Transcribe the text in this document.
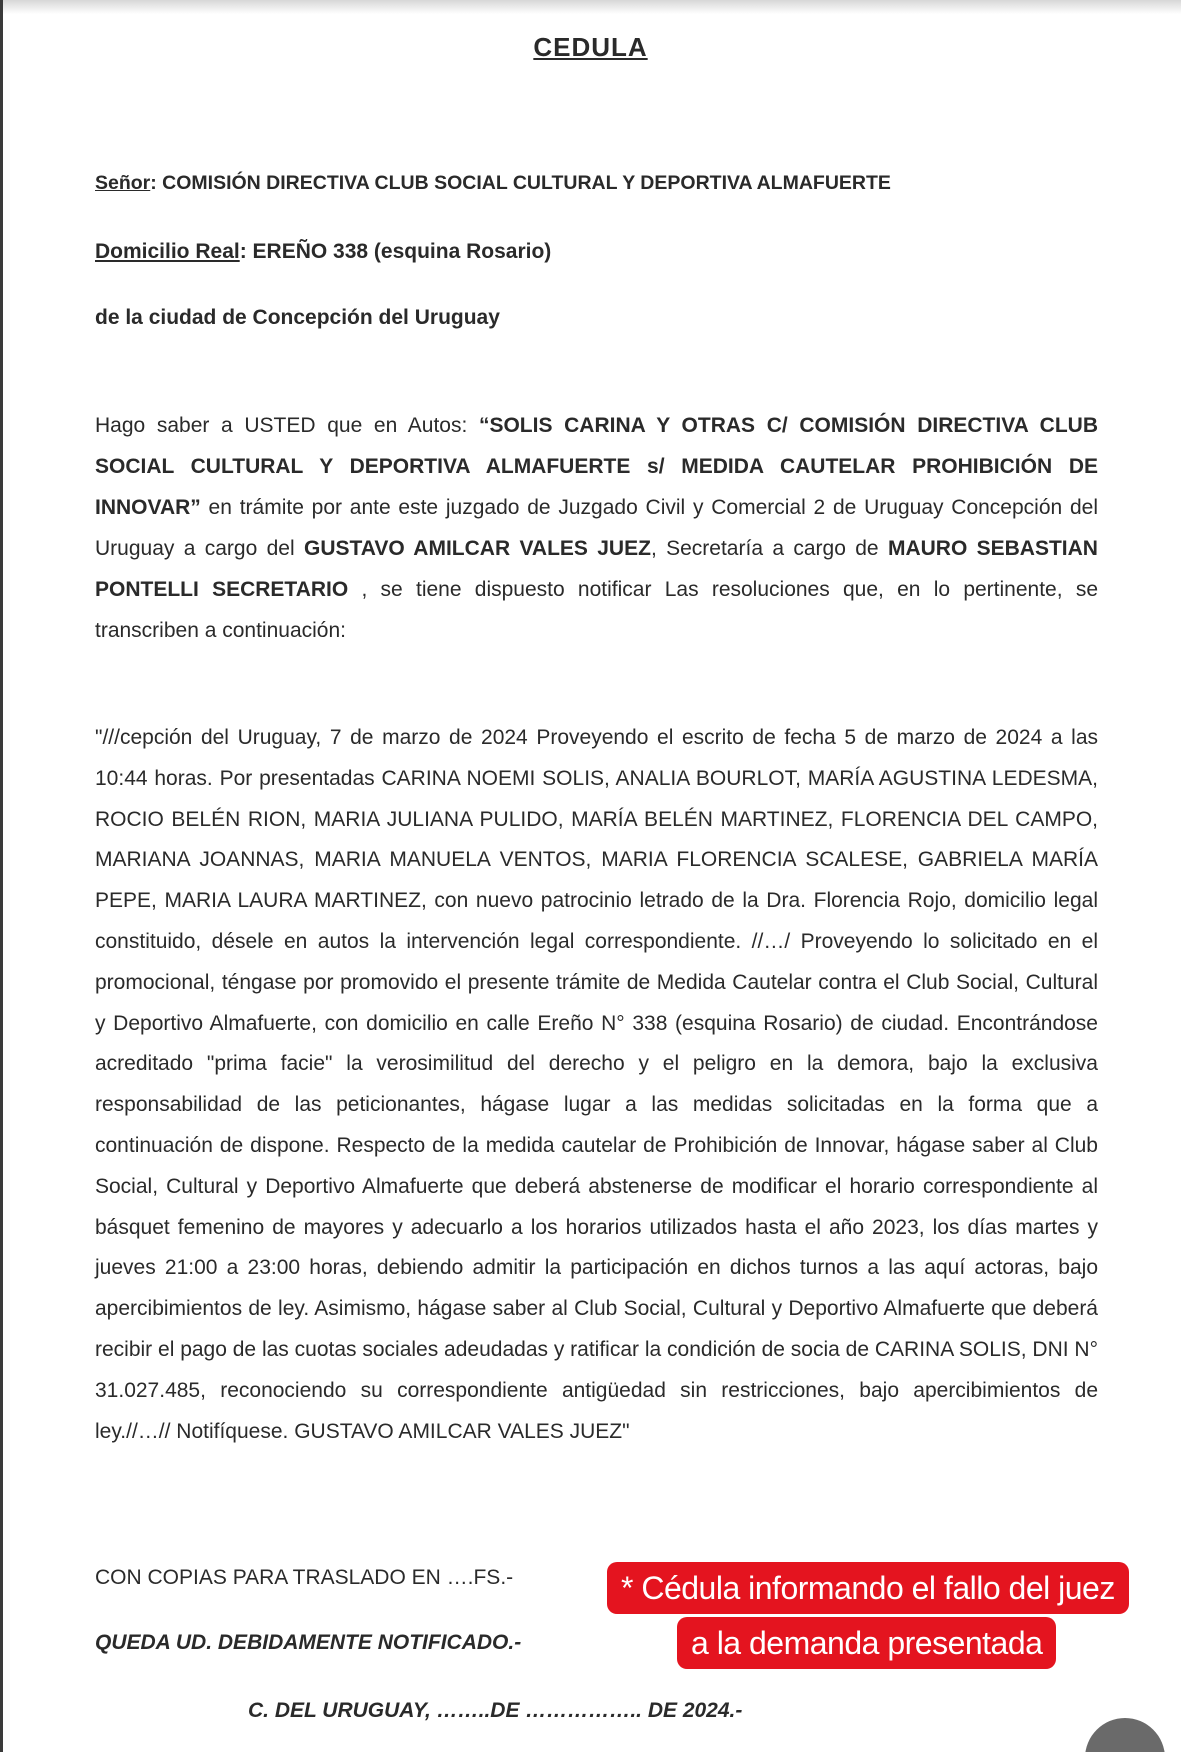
CEDULA
Señor: COMISIÓN DIRECTIVA CLUB SOCIAL CULTURAL Y DEPORTIVA ALMAFUERTE
Domicilio Real: EREÑO 338 (esquina Rosario)
de la ciudad de Concepción del Uruguay
Hago saber a USTED que en Autos: “SOLIS CARINA Y OTRAS C/ COMISIÓN DIRECTIVA CLUB SOCIAL CULTURAL Y DEPORTIVA ALMAFUERTE s/ MEDIDA CAUTELAR PROHIBICIÓN DE INNOVAR” en trámite por ante este juzgado de Juzgado Civil y Comercial 2 de Uruguay Concepción del Uruguay a cargo del GUSTAVO AMILCAR VALES JUEZ, Secretaría a cargo de MAURO SEBASTIAN PONTELLI SECRETARIO , se tiene dispuesto notificar Las resoluciones que, en lo pertinente, se transcriben a continuación:
"///cepción del Uruguay, 7 de marzo de 2024 Proveyendo el escrito de fecha 5 de marzo de 2024 a las 10:44 horas. Por presentadas CARINA NOEMI SOLIS, ANALIA BOURLOT, MARÍA AGUSTINA LEDESMA, ROCIO BELÉN RION, MARIA JULIANA PULIDO, MARÍA BELÉN MARTINEZ, FLORENCIA DEL CAMPO, MARIANA JOANNAS, MARIA MANUELA VENTOS, MARIA FLORENCIA SCALESE, GABRIELA MARÍA PEPE, MARIA LAURA MARTINEZ, con nuevo patrocinio letrado de la Dra. Florencia Rojo, domicilio legal constituido, désele en autos la intervención legal correspondiente. //…/ Proveyendo lo solicitado en el promocional, téngase por promovido el presente trámite de Medida Cautelar contra el Club Social, Cultural y Deportivo Almafuerte, con domicilio en calle Ereño N° 338 (esquina Rosario) de ciudad. Encontrándose acreditado "prima facie" la verosimilitud del derecho y el peligro en la demora, bajo la exclusiva responsabilidad de las peticionantes, hágase lugar a las medidas solicitadas en la forma que a continuación de dispone. Respecto de la medida cautelar de Prohibición de Innovar, hágase saber al Club Social, Cultural y Deportivo Almafuerte que deberá abstenerse de modificar el horario correspondiente al básquet femenino de mayores y adecuarlo a los horarios utilizados hasta el año 2023, los días martes y jueves 21:00 a 23:00 horas, debiendo admitir la participación en dichos turnos a las aquí actoras, bajo apercibimientos de ley. Asimismo, hágase saber al Club Social, Cultural y Deportivo Almafuerte que deberá recibir el pago de las cuotas sociales adeudadas y ratificar la condición de socia de CARINA SOLIS, DNI N° 31.027.485, reconociendo su correspondiente antigüedad sin restricciones, bajo apercibimientos de ley.//…// Notifíquese. GUSTAVO AMILCAR VALES JUEZ"
CON COPIAS PARA TRASLADO EN ….FS.-
QUEDA UD. DEBIDAMENTE NOTIFICADO.-
C. DEL URUGUAY, ……..DE …………….. DE 2024.-
* Cédula informando el fallo del juez
a la demanda presentada
